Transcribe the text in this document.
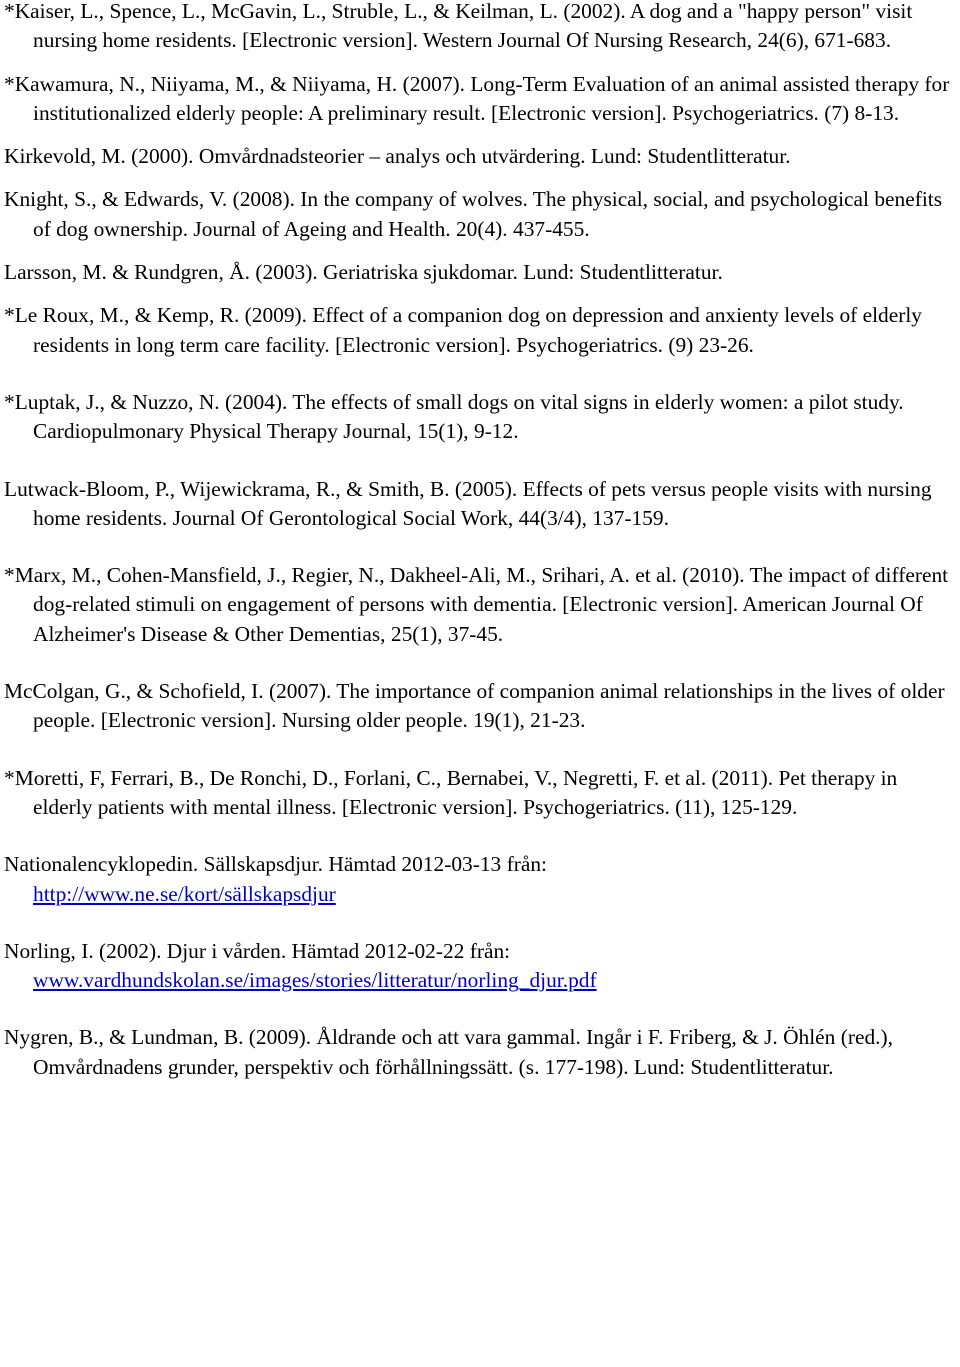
*Kaiser, L., Spence, L., McGavin, L., Struble, L., & Keilman, L. (2002). A dog and a "happy person" visit nursing home residents. [Electronic version]. Western Journal Of Nursing Research, 24(6), 671-683.

*Kawamura, N., Niiyama, M., & Niiyama, H. (2007). Long-Term Evaluation of an animal assisted therapy for institutionalized elderly people: A preliminary result. [Electronic version]. Psychogeriatrics. (7) 8-13.

Kirkevold, M. (2000). Omvårdnadsteorier – analys och utvärdering. Lund: Studentlitteratur.

Knight, S., & Edwards, V. (2008). In the company of wolves. The physical, social, and psychological benefits of dog ownership. Journal of Ageing and Health. 20(4). 437-455.

Larsson, M. & Rundgren, Å. (2003). Geriatriska sjukdomar. Lund: Studentlitteratur.

*Le Roux, M., & Kemp, R. (2009). Effect of a companion dog on depression and anxienty levels of elderly residents in long term care facility. [Electronic version]. Psychogeriatrics. (9) 23-26.

*Luptak, J., & Nuzzo, N. (2004). The effects of small dogs on vital signs in elderly women: a pilot study. Cardiopulmonary Physical Therapy Journal, 15(1), 9-12.

Lutwack-Bloom, P., Wijewickrama, R., & Smith, B. (2005). Effects of pets versus people visits with nursing home residents. Journal Of Gerontological Social Work, 44(3/4), 137-159.

*Marx, M., Cohen-Mansfield, J., Regier, N., Dakheel-Ali, M., Srihari, A. et al. (2010). The impact of different dog-related stimuli on engagement of persons with dementia. [Electronic version]. American Journal Of Alzheimer's Disease & Other Dementias, 25(1), 37-45.

McColgan, G., & Schofield, I. (2007). The importance of companion animal relationships in the lives of older people. [Electronic version]. Nursing older people. 19(1), 21-23.

*Moretti, F, Ferrari, B., De Ronchi, D., Forlani, C., Bernabei, V., Negretti, F. et al. (2011). Pet therapy in elderly patients with mental illness. [Electronic version]. Psychogeriatrics. (11), 125-129.

Nationalencyklopedin. Sällskapsdjur. Hämtad 2012-03-13 från:
http://www.ne.se/kort/sällskapsdjur
Norling, I. (2002). Djur i vården. Hämtad 2012-02-22 från:
www.vardhundskolan.se/images/stories/litteratur/norling_djur.pdf

Nygren, B., & Lundman, B. (2009). Åldrande och att vara gammal. Ingår i F. Friberg, & J. Öhlén (red.), Omvårdnadens grunder, perspektiv och förhållningssätt. (s. 177-198). Lund: Studentlitteratur.
